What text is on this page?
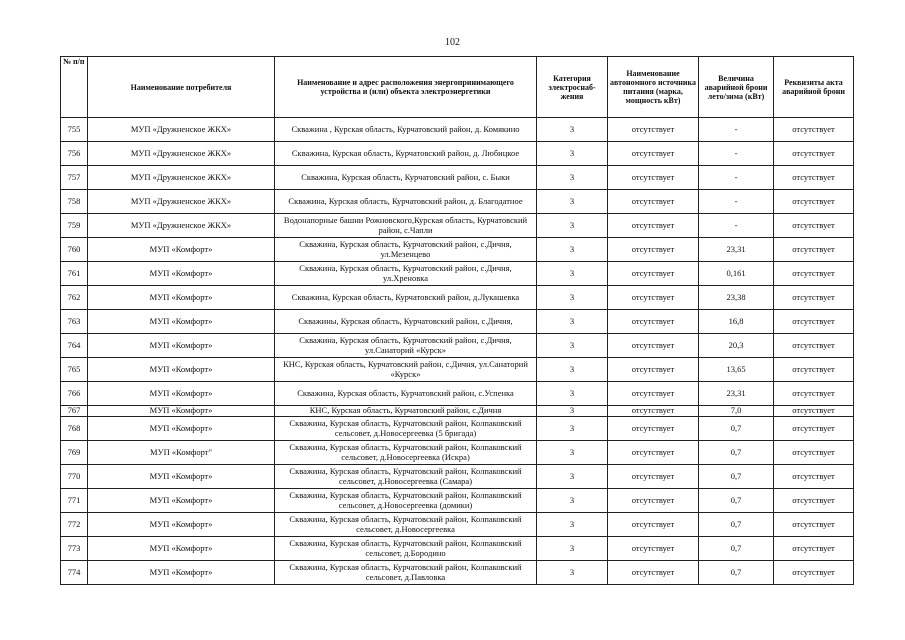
102
№ п/п	Наименование потребителя	Наименование и адрес расположения энергопринимающего устройства и (или) объекта электроэнергетики	Категория электроснаб-жения	Наименование автономного источника питания (марка, мощность кВт)	Величина аварийной брони лето/зима (кВт)	Реквизиты акта аварийной брони
755	МУП «Дружненское ЖКХ»	Скважина , Курская область, Курчатовский район, д. Комякино	3	отсутствует	-	отсутствует
756	МУП «Дружненское ЖКХ»	Скважина, Курская область, Курчатовский район, д. Любицкое	3	отсутствует	-	отсутствует
757	МУП «Дружненское ЖКХ»	Скважина, Курская область, Курчатовский район, с. Быки	3	отсутствует	-	отсутствует
758	МУП «Дружненское ЖКХ»	Скважина, Курская область, Курчатовский район, д. Благодатное	3	отсутствует	-	отсутствует
759	МУП «Дружненское ЖКХ»	Водонапорные башни Рожновского,Курская область, Курчатовский район, с.Чапли	3	отсутствует	-	отсутствует
760	МУП «Комфорт»	Скважина, Курская область, Курчатовский район, с.Дичня, ул.Мезенцево	3	отсутствует	23,31	отсутствует
761	МУП «Комфорт»	Скважина, Курская область, Курчатовский район, с.Дичня, ул.Хреновка	3	отсутствует	0,161	отсутствует
762	МУП «Комфорт»	Скважина, Курская область, Курчатовский район, д.Лукашевка	3	отсутствует	23,38	отсутствует
763	МУП «Комфорт»	Скважины, Курская область, Курчатовский район, с.Дичня,	3	отсутствует	16,8	отсутствует
764	МУП «Комфорт»	Скважина, Курская область, Курчатовский район, с.Дичня, ул.Санаторий «Курск»	3	отсутствует	20,3	отсутствует
765	МУП «Комфорт»	КНС, Курская область, Курчатовский район, с.Дичня, ул.Санаторий «Курск»	3	отсутствует	13,65	отсутствует
766	МУП «Комфорт»	Скважина, Курская область, Курчатовский район, с.Успенка	3	отсутствует	23,31	отсутствует
767	МУП «Комфорт»	КНС, Курская область, Курчатовский район, с.Дичня	3	отсутствует	7,0	отсутствует
768	МУП «Комфорт»	Скважина, Курская область, Курчатовский район, Колпаковский сельсовет, д.Новосергеевка (5 бригада)	3	отсутствует	0,7	отсутствует
769	МУП «Комфорт"	Скважина, Курская область, Курчатовский район, Колпаковский сельсовет, д.Новосергеевка (Искра)	3	отсутствует	0,7	отсутствует
770	МУП «Комфорт»	Скважина, Курская область, Курчатовский район, Колпаковский сельсовет, д.Новосергеевка (Самара)	3	отсутствует	0,7	отсутствует
771	МУП «Комфорт»	Скважина, Курская область, Курчатовский район, Колпаковский сельсовет, д.Новосергеевка (домики)	3	отсутствует	0,7	отсутствует
772	МУП «Комфорт»	Скважина, Курская область, Курчатовский район, Колпаковский сельсовет, д.Новосергеевка	3	отсутствует	0,7	отсутствует
773	МУП «Комфорт»	Скважина, Курская область, Курчатовский район, Колпаковский сельсовет, д.Бородино	3	отсутствует	0,7	отсутствует
774	МУП «Комфорт»	Скважина, Курская область, Курчатовский район, Колпаковский сельсовет, д.Павловка	3	отсутствует	0,7	отсутствует
